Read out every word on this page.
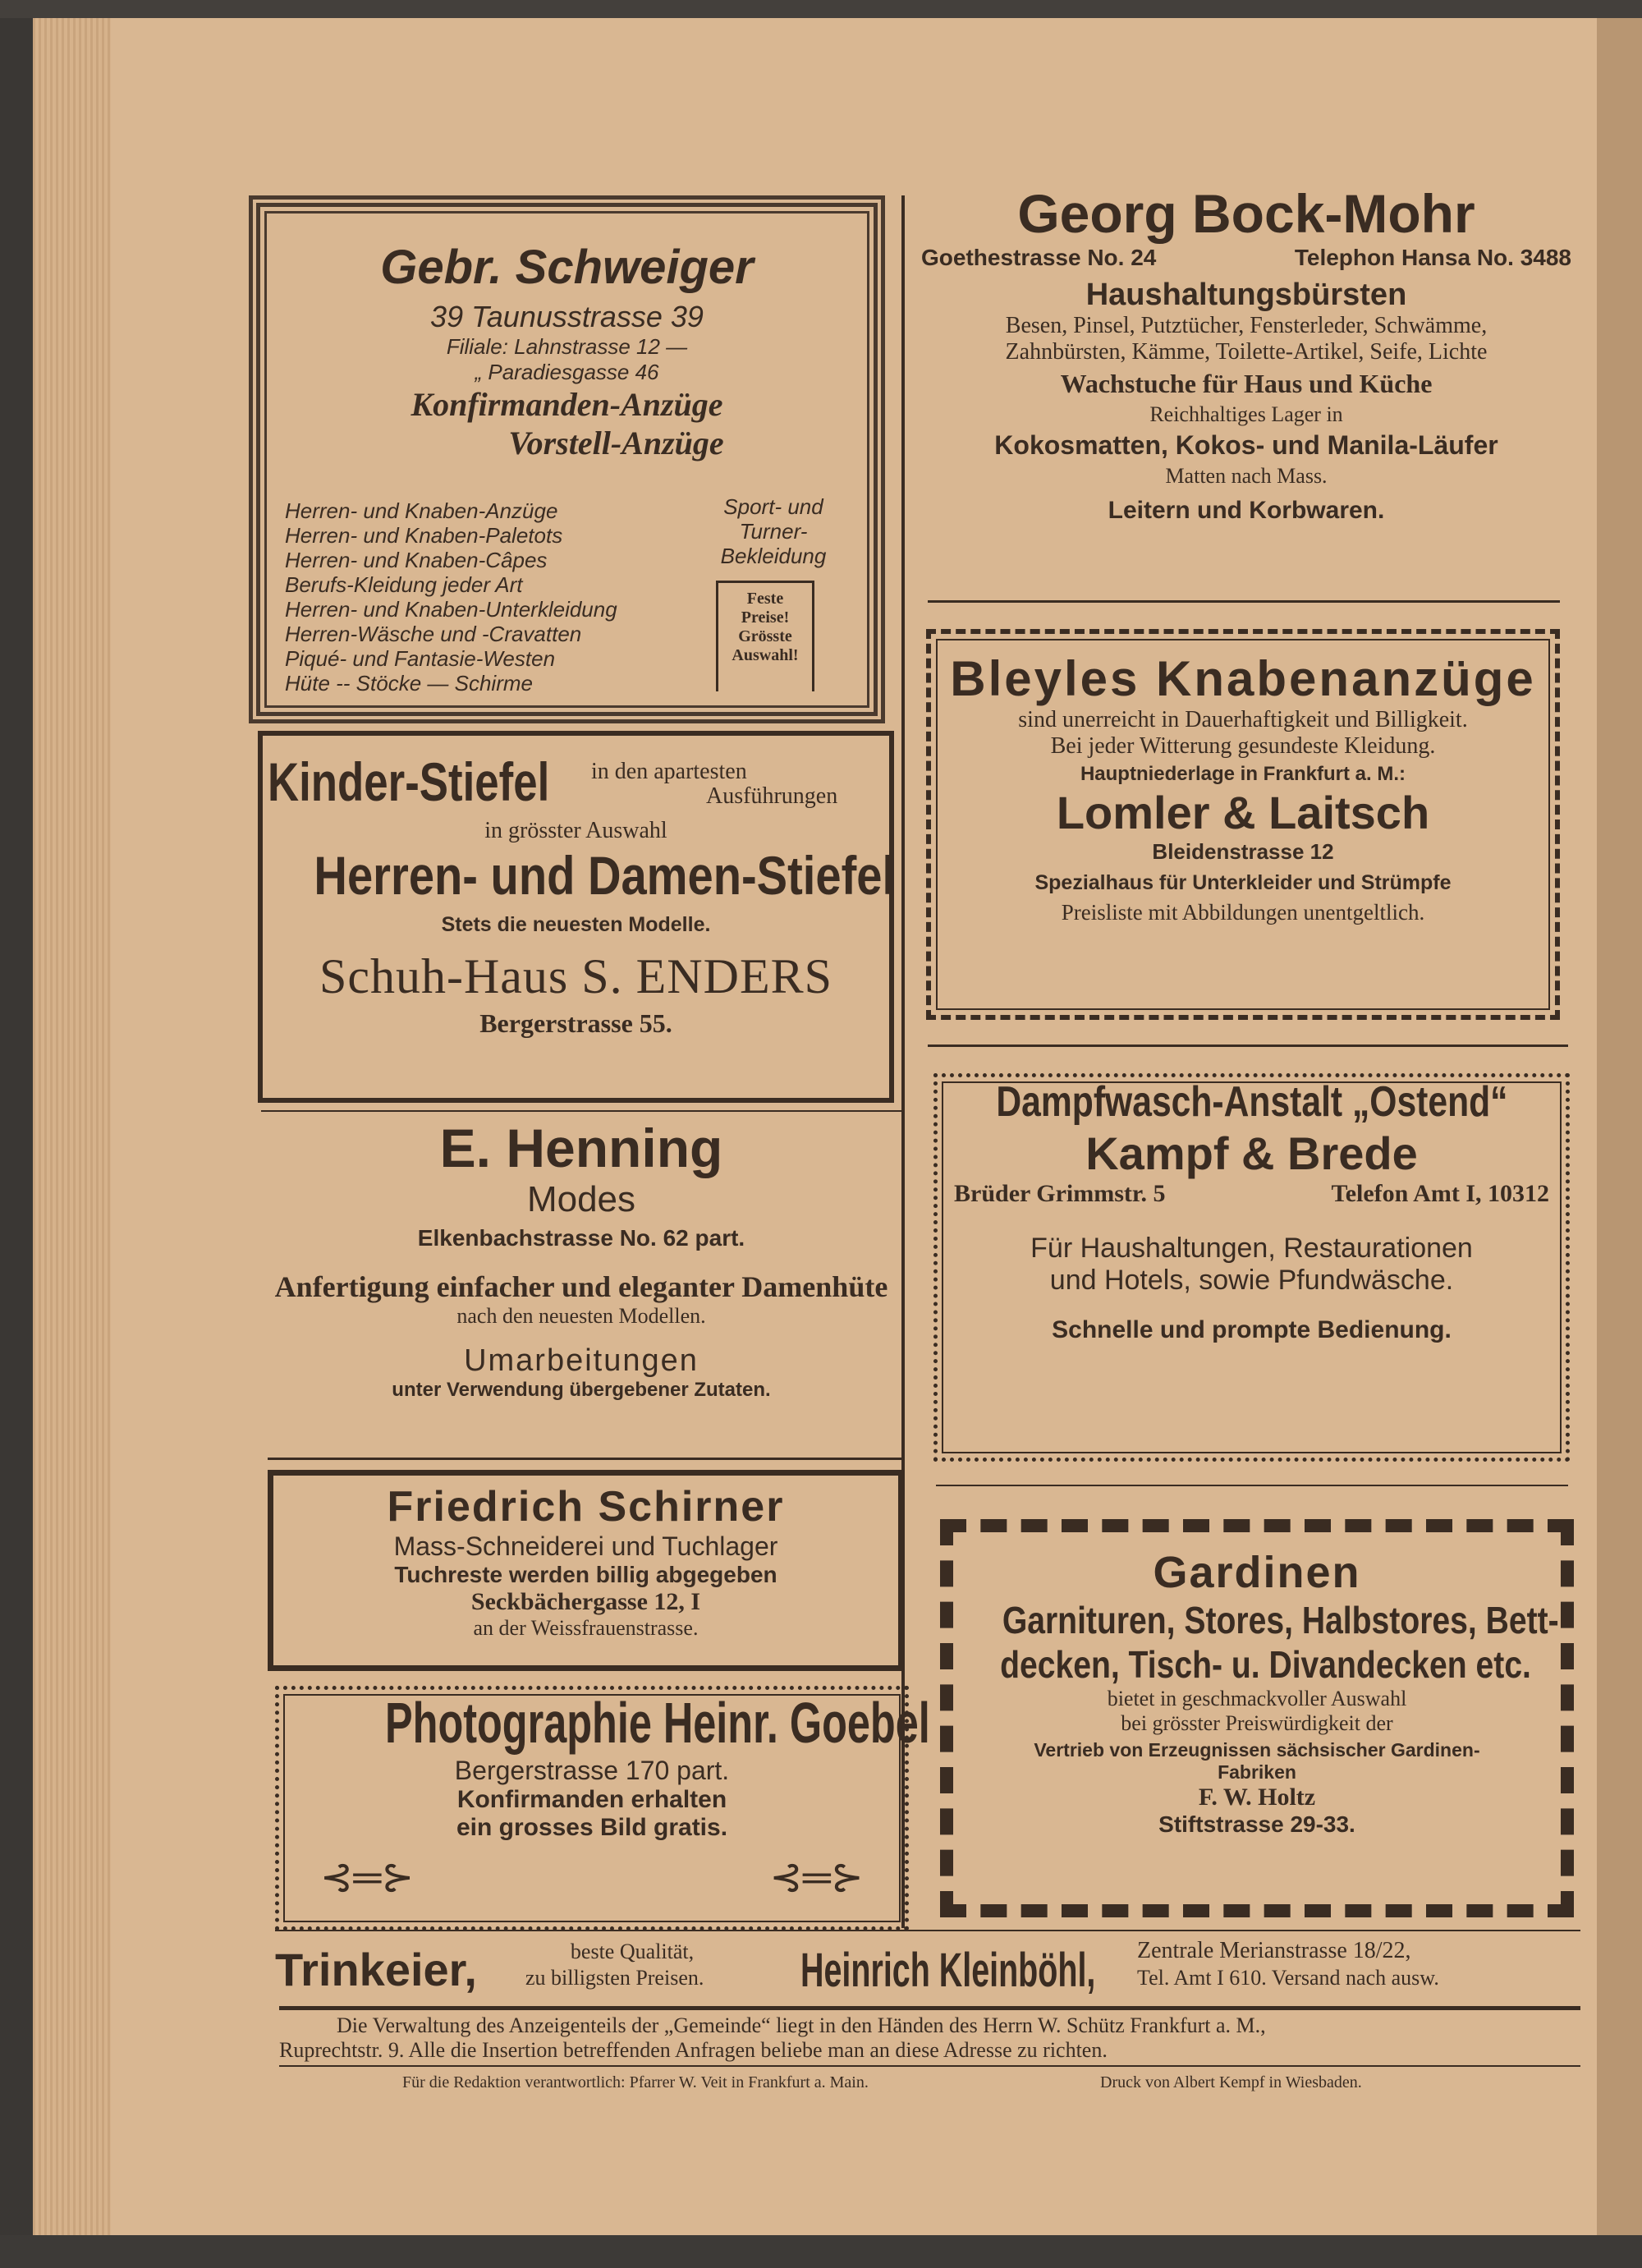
Gebr. Schweiger

39 Taunusstrasse 39

Filiale: Lahnstrasse 12 —

„ Paradiesgasse 46

Konfirmanden-Anzüge

Vorstell-Anzüge

Herren- und Knaben-Anzüge

Herren- und Knaben-Paletots

Herren- und Knaben-Câpes

Berufs-Kleidung jeder Art

Herren- und Knaben-Unterkleidung

Herren-Wäsche und -Cravatten

Piqué- und Fantasie-Westen

Hüte -- Stöcke — Schirme

Sport- und

Turner-

Bekleidung

Feste

Preise!

Grösste

Auswahl!

Kinder-Stiefel in den apartesten

Ausführungen

in grösster Auswahl

Herren- und Damen-Stiefel

Stets die neuesten Modelle.

Schuh-Haus S. ENDERS

Bergerstrasse 55.

E. Henning

Modes

Elkenbachstrasse No. 62 part.

Anfertigung einfacher und eleganter Damenhüte

nach den neuesten Modellen.

Umarbeitungen

unter Verwendung übergebener Zutaten.

Friedrich Schirner

Mass-Schneiderei und Tuchlager

Tuchreste werden billig abgegeben

Seckbächergasse 12, I

an der Weissfrauenstrasse.

Photographie Heinr. Goebel

Bergerstrasse 170 part.

Konfirmanden erhalten

ein grosses Bild gratis.

⊰═⊱	⊰═⊱

Georg Bock-Mohr

Goethestrasse No. 24	Telephon Hansa No. 3488

Haushaltungsbürsten

Besen, Pinsel, Putztücher, Fensterleder, Schwämme,

Zahnbürsten, Kämme, Toilette-Artikel, Seife, Lichte

Wachstuche für Haus und Küche

Reichhaltiges Lager in

Kokosmatten, Kokos- und Manila-Läufer

Matten nach Mass.

Leitern und Korbwaren.

Bleyles Knabenanzüge

sind unerreicht in Dauerhaftigkeit und Billigkeit.

Bei jeder Witterung gesundeste Kleidung.

Hauptniederlage in Frankfurt a. M.:

Lomler & Laitsch

Bleidenstrasse 12

Spezialhaus für Unterkleider und Strümpfe

Preisliste mit Abbildungen unentgeltlich.

Dampfwasch-Anstalt „Ostend“

Kampf & Brede

Brüder Grimmstr. 5	Telefon Amt I, 10312

Für Haushaltungen, Restaurationen

und Hotels, sowie Pfundwäsche.

Schnelle und prompte Bedienung.

Gardinen

Garnituren, Stores, Halbstores, Bett-

decken, Tisch- u. Divandecken etc.

bietet in geschmackvoller Auswahl

bei grösster Preiswürdigkeit der

Vertrieb von Erzeugnissen sächsischer Gardinen-

Fabriken

F. W. Holtz

Stiftstrasse 29-33.

Trinkeier,	beste Qualität,

zu billigsten Preisen. Heinrich Kleinböhl, Zentrale Merianstrasse 18/22,

Tel. Amt I 610. Versand nach ausw.

Die Verwaltung des Anzeigenteils der „Gemeinde“ liegt in den Händen des Herrn W. Schütz Frankfurt a. M.,

Ruprechtstr. 9. Alle die Insertion betreffenden Anfragen beliebe man an diese Adresse zu richten.

Für die Redaktion verantwortlich: Pfarrer W. Veit in Frankfurt a. Main.	Druck von Albert Kempf in Wiesbaden.
